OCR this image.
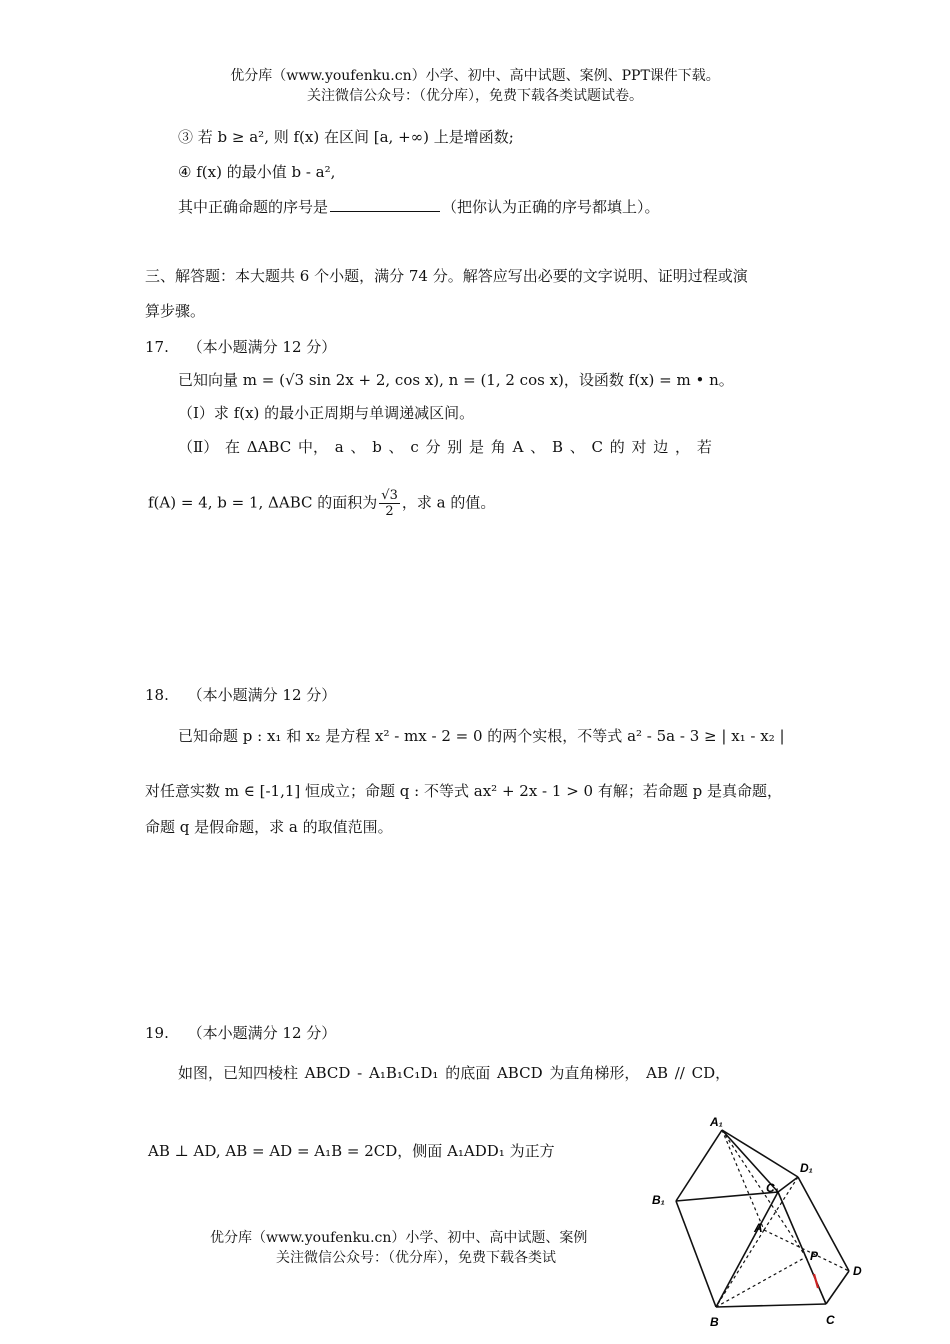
优分库（www.youfenku.cn）小学、初中、高中试题、案例、PPT课件下载。
关注微信公众号：（优分库），免费下载各类试题试卷。
③ 若 b ≥ a², 则 f(x) 在区间 [a, +∞) 上是增函数;
④ f(x) 的最小值 b - a²,
其中正确命题的序号是	（把你认为正确的序号都填上）。
三、解答题：本大题共 6 个小题，满分 74 分。解答应写出必要的文字说明、证明过程或演
算步骤。
17. （本小题满分 12 分）
已知向量 m = (√3 sin 2x + 2, cos x), n = (1, 2 cos x)，设函数 f(x) = m • n。
（Ⅰ）求 f(x) 的最小正周期与单调递减区间。
（Ⅱ） 在 ΔABC 中， a 、 b 、 c 分 别 是 角 A 、 B 、 C 的 对 边 ， 若
f(A) = 4, b = 1, ΔABC 的面积为 $\frac{√3}{2}$ ，求 a 的值。
18. （本小题满分 12 分）
已知命题 p : x₁ 和 x₂ 是方程 x² - mx - 2 = 0 的两个实根，不等式 a² - 5a - 3 ≥ | x₁ - x₂ |
对任意实数 m ∈ [-1,1] 恒成立；命题 q : 不等式 ax² + 2x - 1 > 0 有解；若命题 p 是真命题，
命题 q 是假命题，求 a 的取值范围。
19. （本小题满分 12 分）
如图，已知四棱柱 ABCD - A₁B₁C₁D₁ 的底面 ABCD 为直角梯形， AB // CD，
AB ⊥ AD, AB = AD = A₁B = 2CD，侧面 A₁ADD₁ 为正方
优分库（www.youfenku.cn）小学、初中、高中试题、案例
关注微信公众号：（优分库），免费下载各类试
A₁
B₁
C₁
D₁
A
B	C
D
P
